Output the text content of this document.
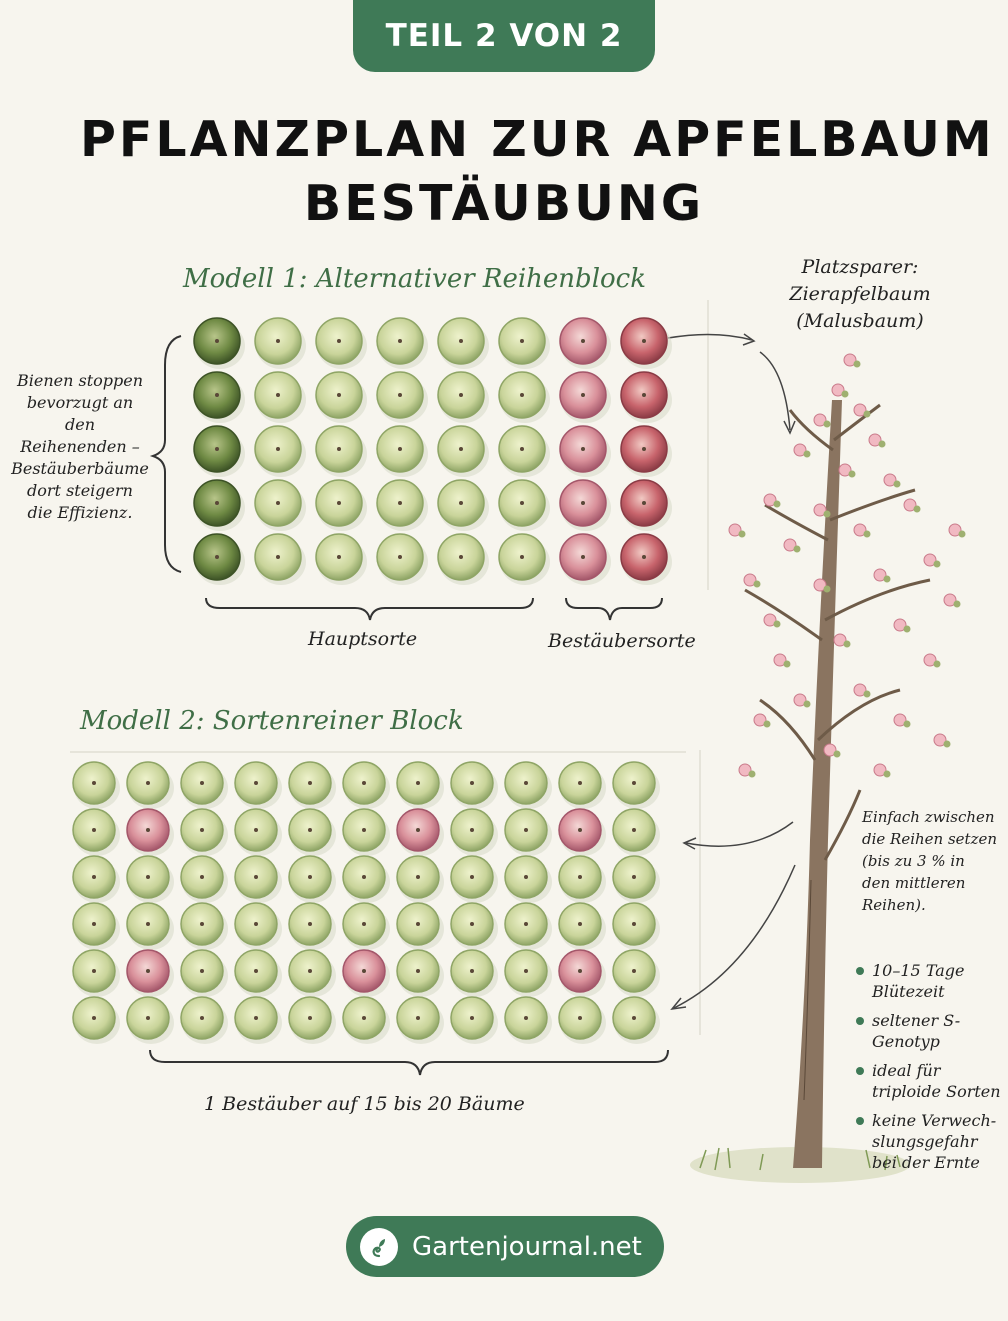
TEIL 2 VON 2
PFLANZPLAN ZUR APFELBAUM
BESTÄUBUNG
Modell 1: Alternativer Reihenblock
Bienen stoppen
bevorzugt an
den Reihenenden –
Bestäuberbäume
dort steigern
die Effizienz.
Hauptsorte	Bestäubersorte
Modell 2: Sortenreiner Block
1 Bestäuber auf 15 bis 20 Bäume
Platzsparer:
Zierapfelbaum
(Malusbaum)
Einfach zwischen
die Reihen setzen
(bis zu 3 % in
den mittleren
Reihen).
10–15 Tage Blütezeit
seltener S-Genotyp
ideal für triploide Sorten
keine Verwech-slungsgefahr bei der Ernte
Gartenjournal.net
